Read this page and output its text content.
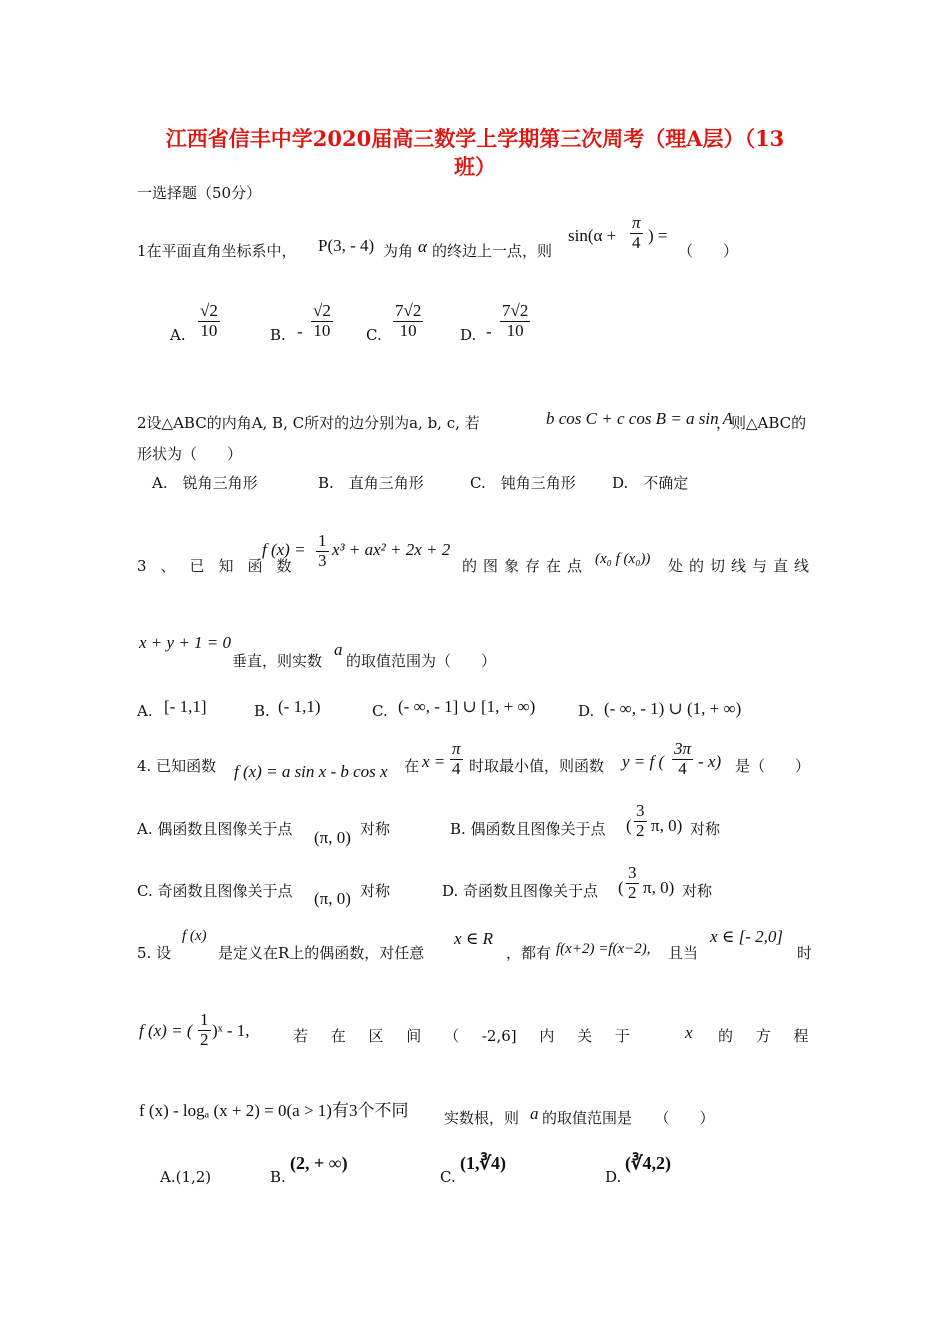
江西省信丰中学2020届高三数学上学期第三次周考（理A层）（13
班）
一选择题（50分）
1在平面直角坐标系中， P(3, - 4) 为角 α 的终边上一点，则
$\sin(\alpha + \frac{\pi}{4}$ ) =
（　　）
A. $\frac{√2}{10}$	B. - $\frac{√2}{10} C$. $\frac{7√2}{10} D$. - $\frac{7√2}{10}$
2设△ABC的内角A, B, C所对的边分别为a, b, c, 若	b cos C + c cos B = a sin A
，则△ABC的
形状为（　　）
A.　锐角三角形	B.　直角三角形	C.　钝角三角形 D.　不确定
3、已知函数
f $(x) = \frac{1}{3} x^3 + ax^2 + 2x + 2$
的图象存在点 (x₀ f (x₀)) 处的切线与直线
x + y + 1 = 0
垂直，则实数
a
的取值范围为（　　）
A. [- 1,1]	B. (- 1,1)	C. (- ∞, - 1] ∪ [1, + ∞)	D. (- ∞, - 1) ∪ (1, + ∞)
4. 已知函数 f (x) = a sin x - b cos x 在 $x = \frac{\pi}{4}$ 时取最小值，则函数 y = f ( $\frac{3\pi}{4} - x$) 是（　　）
A. 偶函数且图像关于点 (π, 0) 对称	B. 偶函数且图像关于点 ( $\frac{3}{2} \pi$, 0) 对称
C. 奇函数且图像关于点 (π, 0) 对称	D. 奇函数且图像关于点 ( $\frac{3}{2} \pi$, 0) 对称
5. 设
f (x)
是定义在R上的偶函数，对任意
x ∈ R
，都有 f(x+2) =f(x−2), 且当
x ∈ [- 2,0]
时
f (x) = ( $\frac{1}{2}$ )ˣ - 1,	若 在 区 间 （ -2,6] 内 关 于	x 的 方 程
f (x) - logₐ (x + 2) = 0(a > 1)有3个不同 实数根，则 a 的取值范围是　　（　　）
A.(1,2)	B.
(2, + ∞)
C.
(1,∛4)
D.
(∛4,2)
